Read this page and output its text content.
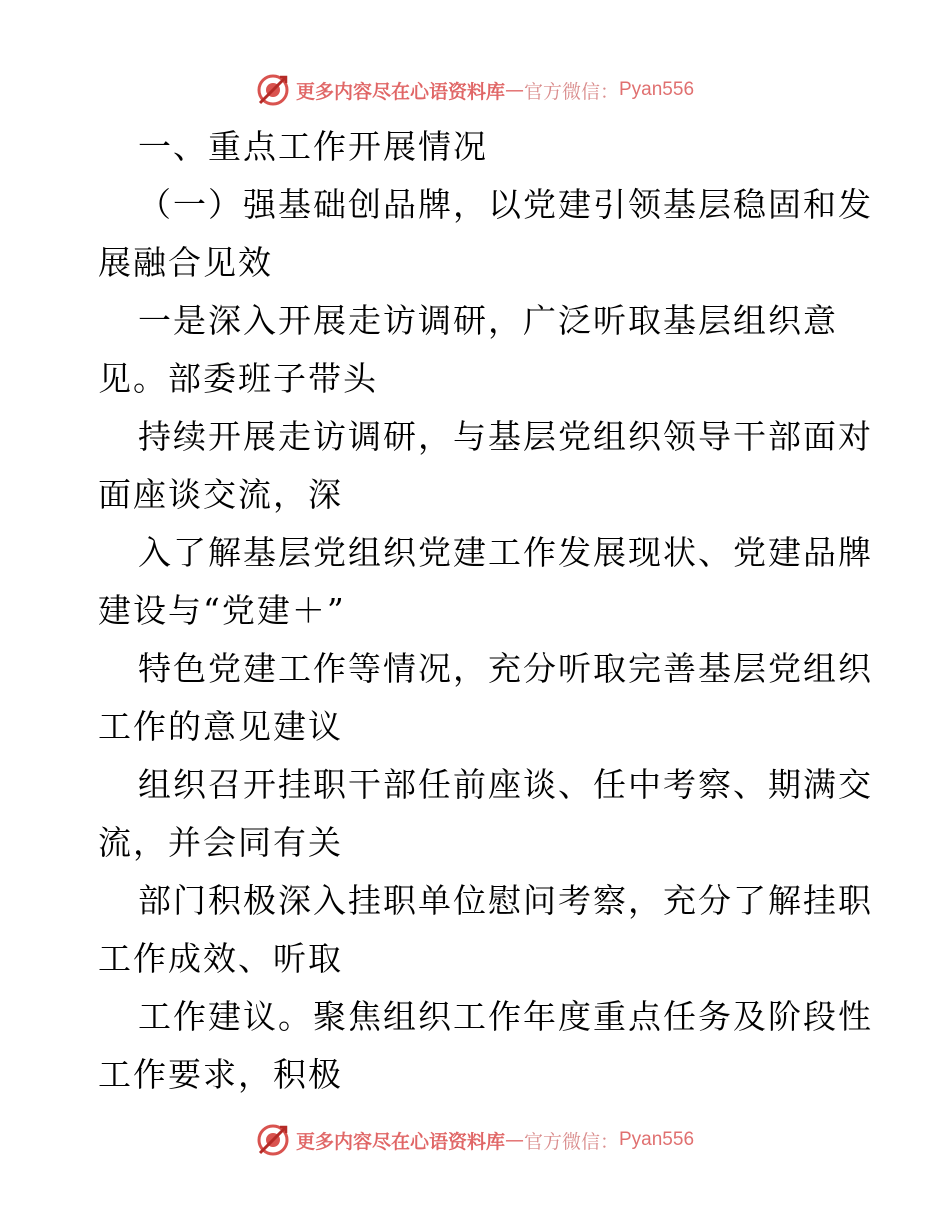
更多内容尽在心语资料库 — 官方微信： Pyan556
一、重点工作开展情况
（一）强基础创品牌，以党建引领基层稳固和发
展融合见效
一是深入开展走访调研，广泛听取基层组织意
见。部委班子带头
持续开展走访调研，与基层党组织领导干部面对
面座谈交流，深
入了解基层党组织党建工作发展现状、党建品牌
建设与“党建＋”
特色党建工作等情况，充分听取完善基层党组织
工作的意见建议
组织召开挂职干部任前座谈、任中考察、期满交
流，并会同有关
部门积极深入挂职单位慰问考察，充分了解挂职
工作成效、听取
工作建议。聚焦组织工作年度重点任务及阶段性
工作要求，积极
更多内容尽在心语资料库 — 官方微信： Pyan556
